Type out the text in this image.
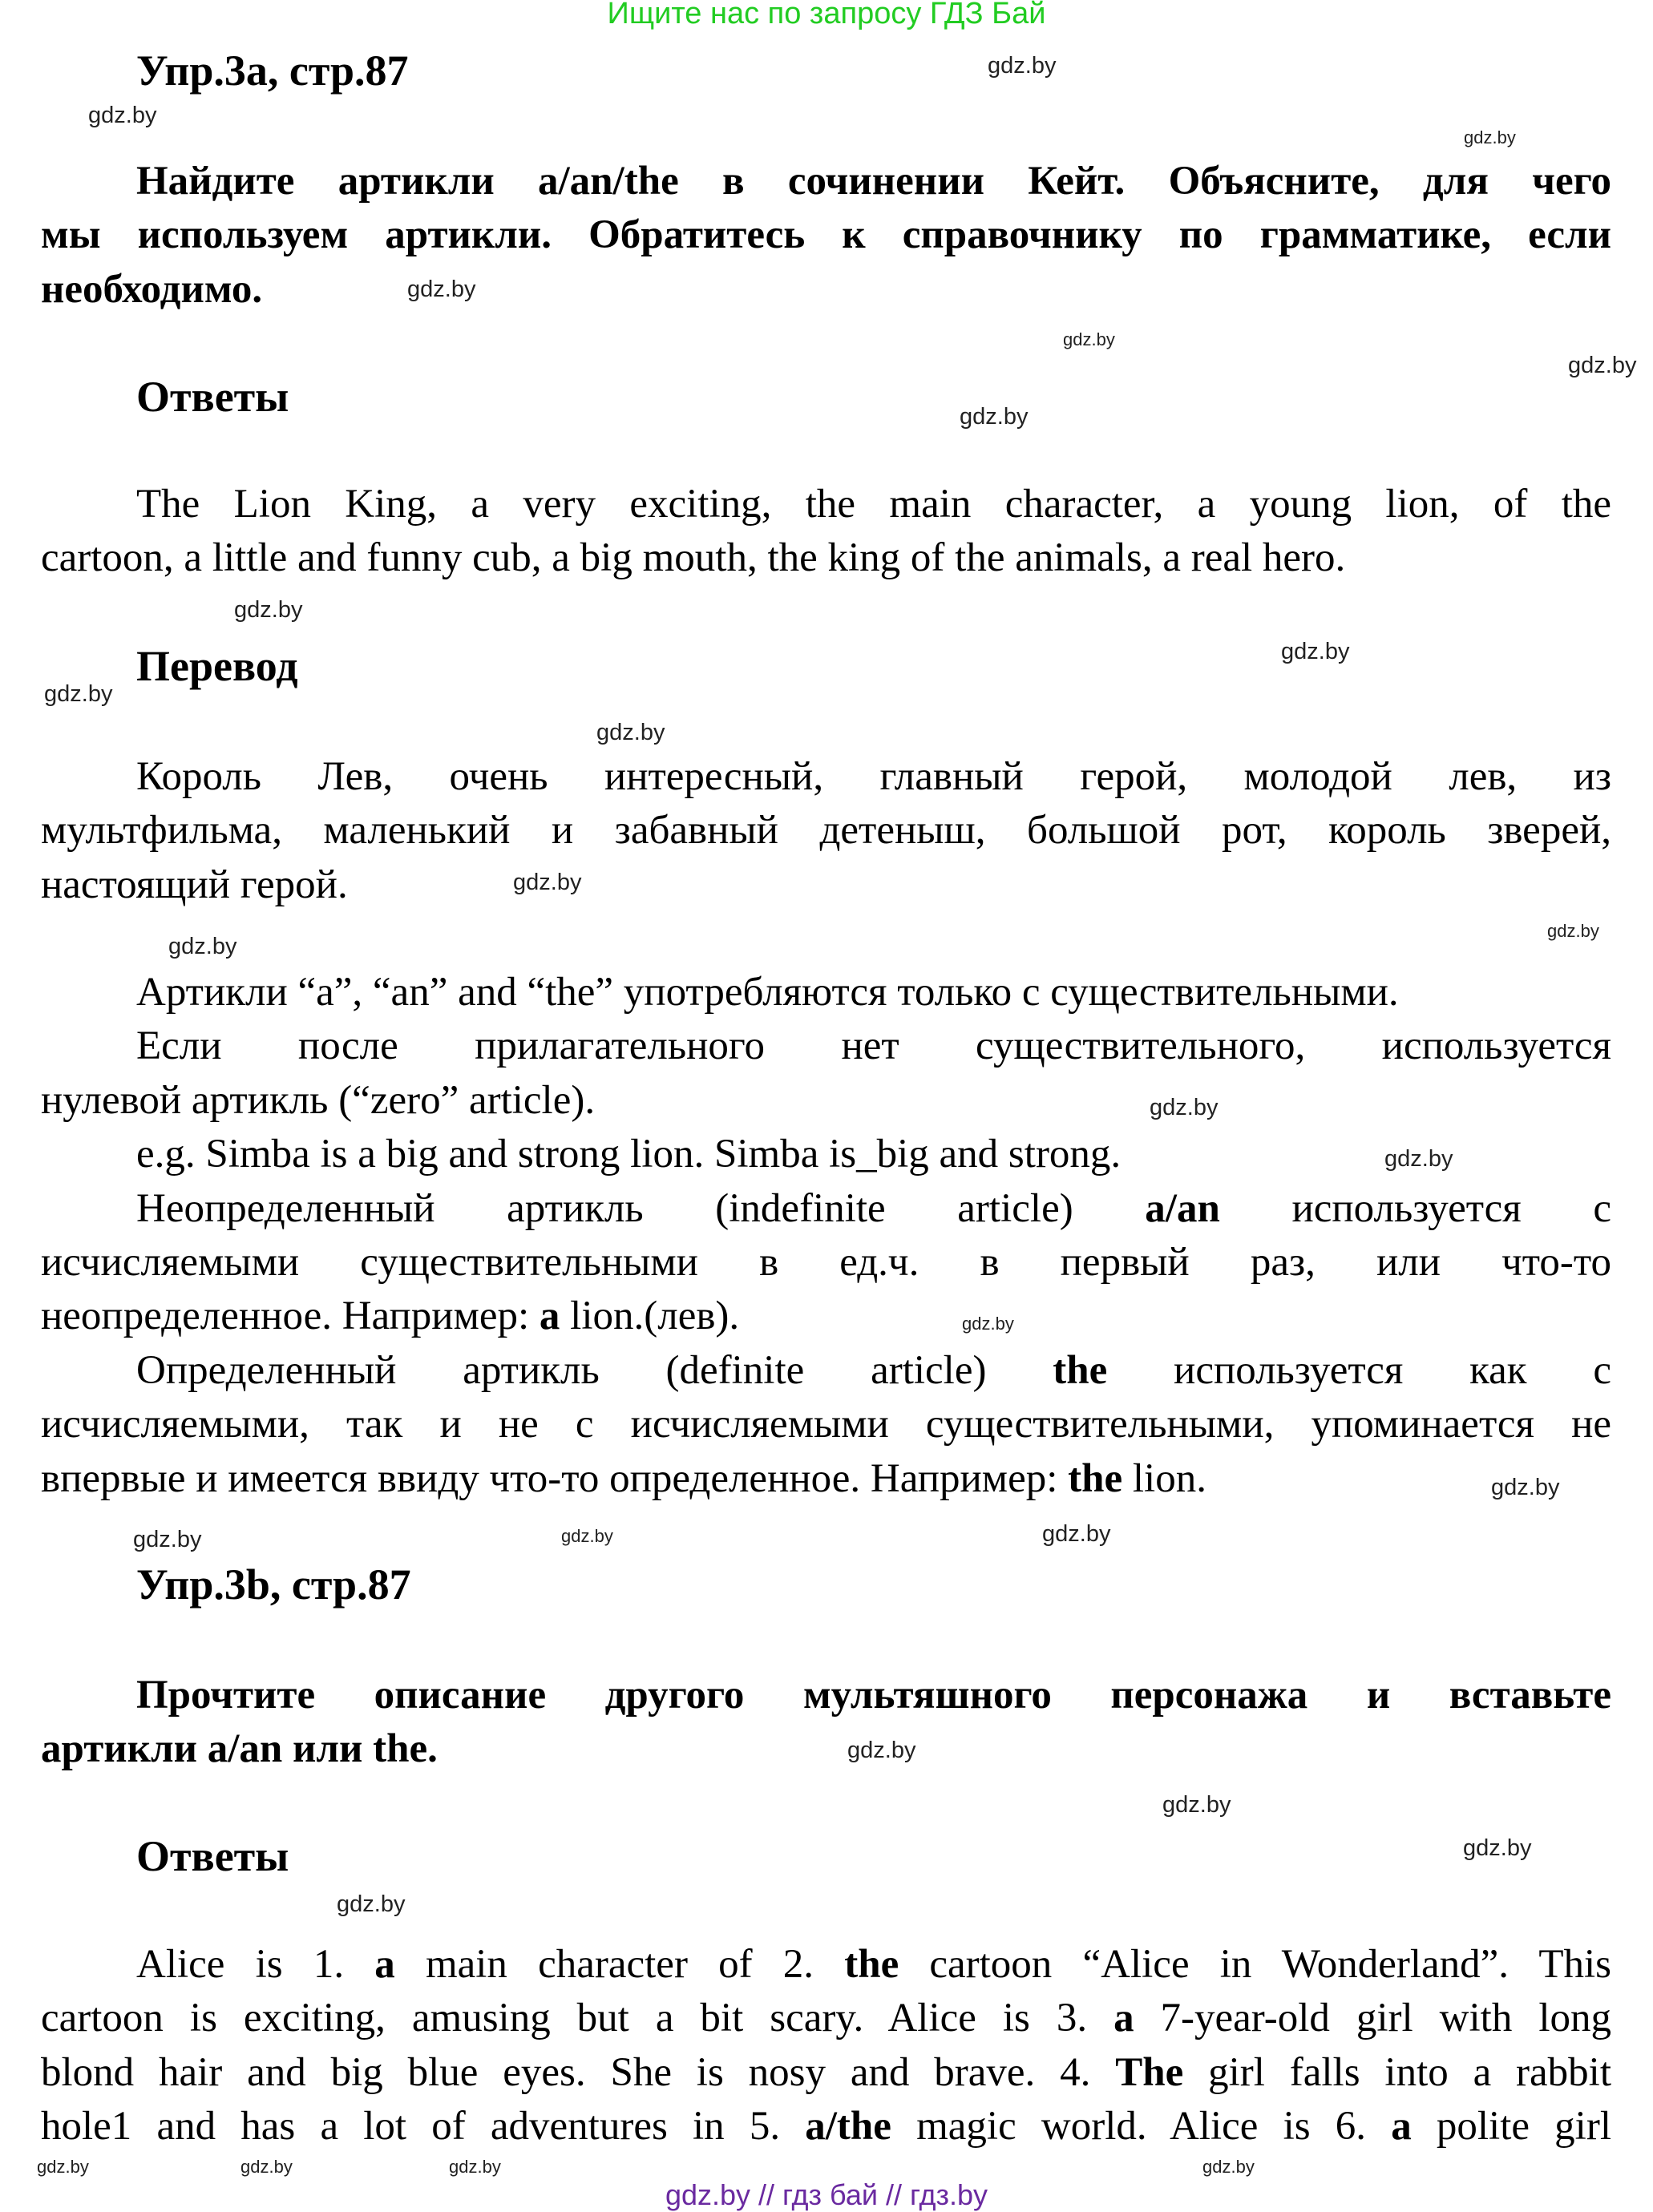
Ищите нас по запросу ГДЗ Бай
Упр.3а, стр.87
Найдите артикли a/an/the в сочинении Кейт. Объясните, для чего
мы используем артикли. Обратитесь к справочнику по грамматике, если
необходимо.
Ответы
The Lion King, a very exciting, the main character, a young lion, of the
cartoon, a little and funny cub, a big mouth, the king of the animals, a real hero.
Перевод
Король Лев, очень интересный, главный герой, молодой лев, из
мультфильма, маленький и забавный детеныш, большой рот, король зверей,
настоящий герой.
Артикли “a”, “an” and “the” употребляются только с существительными.
Если после прилагательного нет существительного, используется
нулевой артикль (“zero” article).
e.g. Simba is a big and strong lion. Simba is_big and strong.
Неопределенный артикль (indefinite article) a/an используется с
исчисляемыми существительными в ед.ч. в первый раз, или что-то
неопределенное. Например: a lion.(лев).
Определенный артикль (definite article) the используется как с
исчисляемыми, так и не с исчисляемыми существительными, упоминается не
впервые и имеется ввиду что-то определенное. Например: the lion.
Упр.3b, стр.87
Прочтите описание другого мультяшного персонажа и вставьте
артикли a/an или the.
Ответы
Alice is 1. a main character of 2. the cartoon “Alice in Wonderland”. This
cartoon is exciting, amusing but a bit scary. Alice is 3. a 7-year-old girl with long
blond hair and big blue eyes. She is nosy and brave. 4. The girl falls into a rabbit
hole1 and has a lot of adventures in 5. a/the magic world. Alice is 6. a polite girl
gdz.by
gdz.by
gdz.by
gdz.by
gdz.by
gdz.by
gdz.by
gdz.by
gdz.by
gdz.by
gdz.by
gdz.by
gdz.by
gdz.by
gdz.by
gdz.by
gdz.by
gdz.by
gdz.by
gdz.by
gdz.by
gdz.by
gdz.by
gdz.by
gdz.by
gdz.by
gdz.by	gdz.by
gdz.by
gdz.by // гдз бай // гдз.by
